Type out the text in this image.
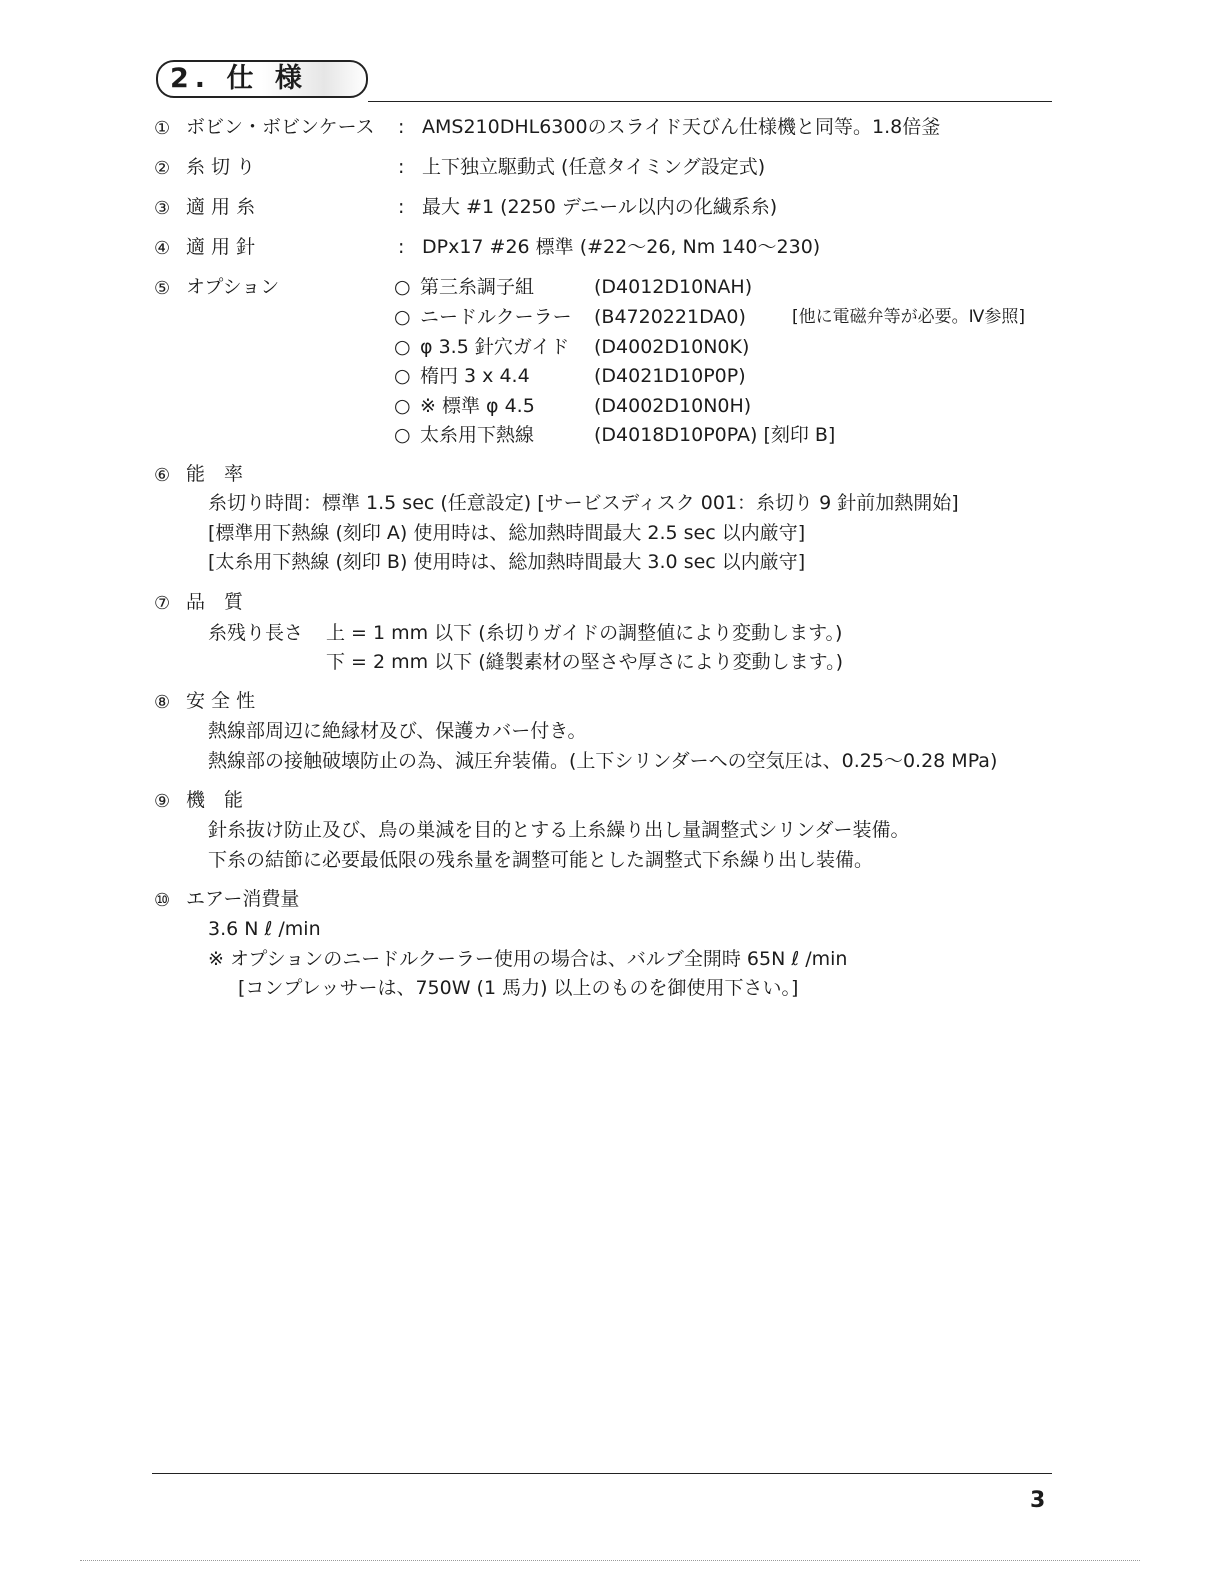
2. 仕 様
① ボビン・ボビンケース : AMS210DHL6300のスライド天びん仕様機と同等。1.8倍釜
② 糸 切 り	: 上下独立駆動式 (任意タイミング設定式)
③ 適 用 糸	: 最大 #1 (2250 デニール以内の化繊系糸)
④ 適 用 針	: DPx17 #26 標準 (#22～26, Nm 140～230)
⑤ オプション	○ 第三糸調子組	(D4012D10NAH)
○ ニードルクーラー (B4720221DA0)	[他に電磁弁等が必要。Ⅳ参照]
○ φ 3.5 針穴ガイド (D4002D10N0K)
○ 楕円 3 x 4.4	(D4021D10P0P)
○ ※ 標準 φ 4.5	(D4002D10N0H)
○ 太糸用下熱線	(D4018D10P0PA) [刻印 B]
⑥ 能　率
糸切り時間：標準 1.5 sec (任意設定) [サービスディスク 001：糸切り 9 針前加熱開始]
[標準用下熱線 (刻印 A) 使用時は、総加熱時間最大 2.5 sec 以内厳守]
[太糸用下熱線 (刻印 B) 使用時は、総加熱時間最大 3.0 sec 以内厳守]
⑦ 品　質
糸残り長さ 上 = 1 mm 以下 (糸切りガイドの調整値により変動します。)
下 = 2 mm 以下 (縫製素材の堅さや厚さにより変動します。)
⑧ 安 全 性
熱線部周辺に絶縁材及び、保護カバー付き。
熱線部の接触破壊防止の為、減圧弁装備。(上下シリンダーへの空気圧は、0.25～0.28 MPa)
⑨ 機　能
針糸抜け防止及び、鳥の巣減を目的とする上糸繰り出し量調整式シリンダー装備。
下糸の結節に必要最低限の残糸量を調整可能とした調整式下糸繰り出し装備。
⑩ エアー消費量
3.6 N ℓ /min
※ オプションのニードルクーラー使用の場合は、バルブ全開時 65N ℓ /min
[コンプレッサーは、750W (1 馬力) 以上のものを御使用下さい。]
3
